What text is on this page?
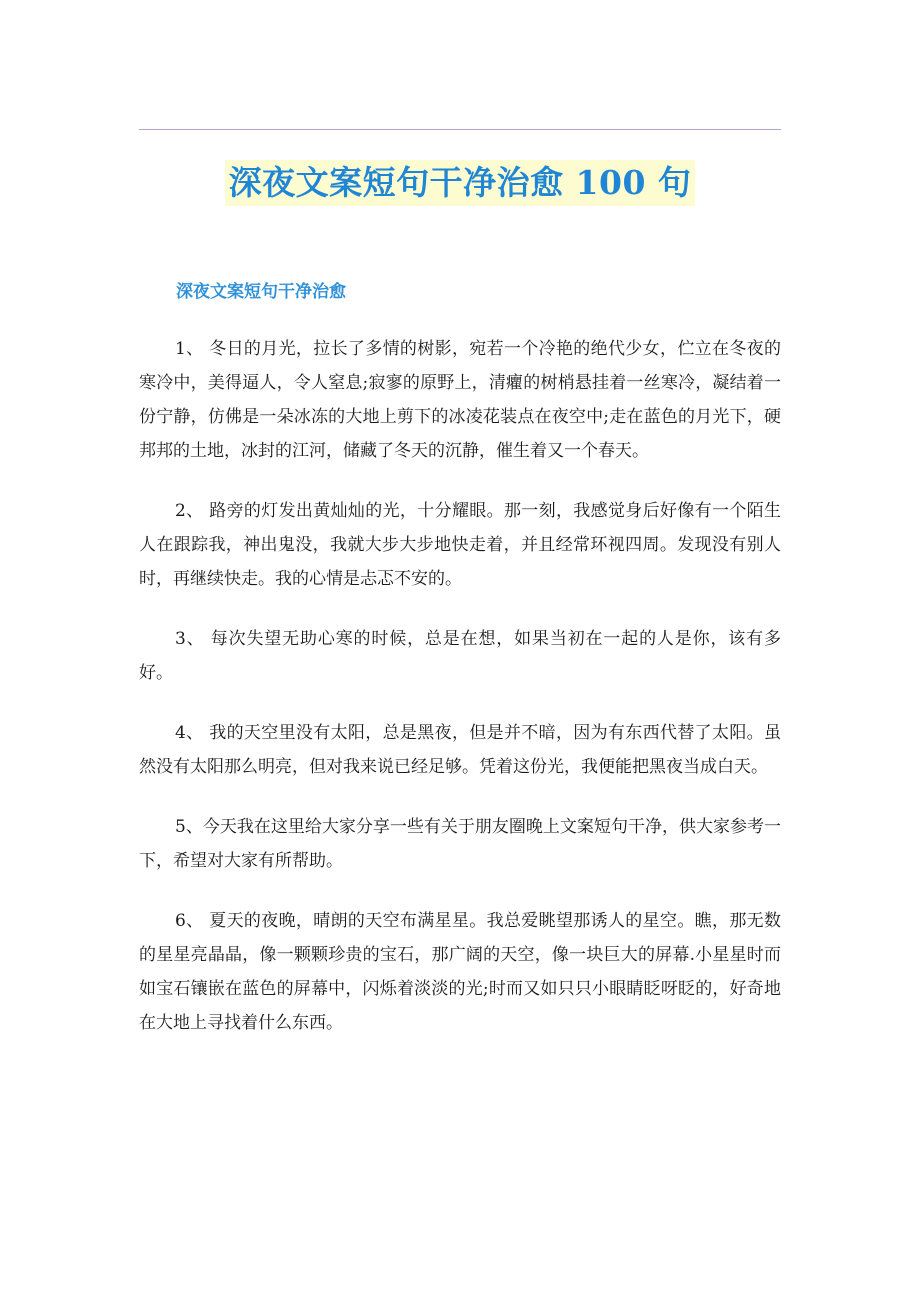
深夜文案短句干净治愈 100 句
深夜文案短句干净治愈

1、 冬日的月光，拉长了多情的树影，宛若一个冷艳的绝代少女，伫立在冬夜的寒冷中，美得逼人，令人窒息;寂寥的原野上，清癯的树梢悬挂着一丝寒冷，凝结着一份宁静，仿佛是一朵冰冻的大地上剪下的冰凌花装点在夜空中;走在蓝色的月光下，硬邦邦的土地，冰封的江河，储藏了冬天的沉静，催生着又一个春天。

2、 路旁的灯发出黄灿灿的光，十分耀眼。那一刻，我感觉身后好像有一个陌生人在跟踪我，神出鬼没，我就大步大步地快走着，并且经常环视四周。发现没有别人时，再继续快走。我的心情是忐忑不安的。

3、 每次失望无助心寒的时候，总是在想，如果当初在一起的人是你，该有多好。

4、 我的天空里没有太阳，总是黑夜，但是并不暗，因为有东西代替了太阳。虽然没有太阳那么明亮，但对我来说已经足够。凭着这份光，我便能把黑夜当成白天。

5、今天我在这里给大家分享一些有关于朋友圈晚上文案短句干净，供大家参考一下，希望对大家有所帮助。

6、 夏天的夜晚，晴朗的天空布满星星。我总爱眺望那诱人的星空。瞧，那无数的星星亮晶晶，像一颗颗珍贵的宝石，那广阔的天空，像一块巨大的屏幕.小星星时而如宝石镶嵌在蓝色的屏幕中，闪烁着淡淡的光;时而又如只只小眼睛眨呀眨的，好奇地在大地上寻找着什么东西。
